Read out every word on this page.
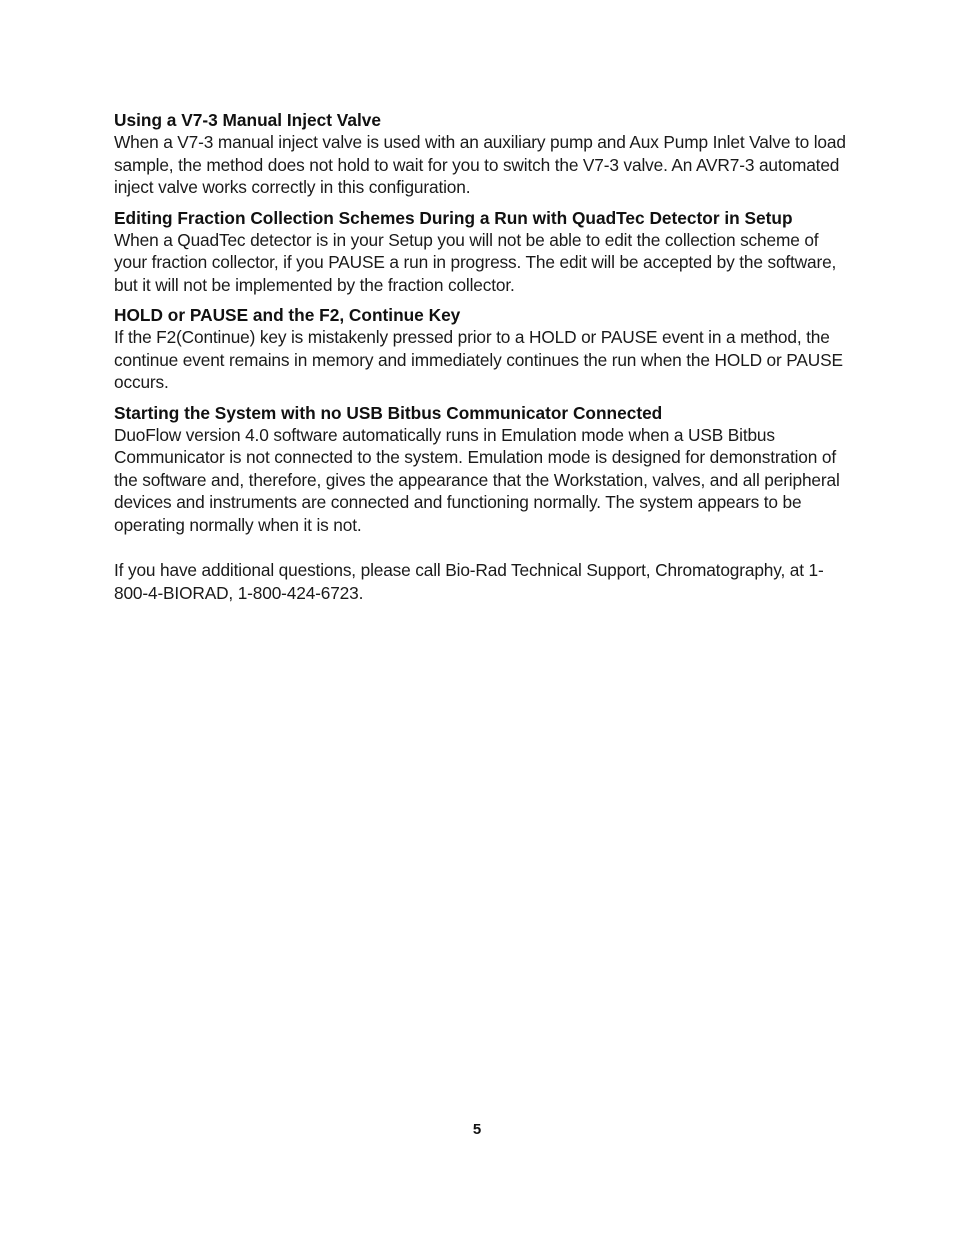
Using a V7-3 Manual Inject Valve

When a V7-3 manual inject valve is used with an auxiliary pump and Aux Pump Inlet Valve to load sample, the method does not hold to wait for you to switch the V7-3 valve. An AVR7-3 automated inject valve works correctly in this configuration.

Editing Fraction Collection Schemes During a Run with QuadTec Detector in Setup

When a QuadTec detector is in your Setup you will not be able to edit the collection scheme of your fraction collector, if you PAUSE a run in progress. The edit will be accepted by the software, but it will not be implemented by the fraction collector.

HOLD or PAUSE and the F2, Continue Key

If the F2(Continue) key is mistakenly pressed prior to a HOLD or PAUSE event in a method, the continue event remains in memory and immediately continues the run when the HOLD or PAUSE occurs.

Starting the System with no USB Bitbus Communicator Connected

DuoFlow version 4.0 software automatically runs in Emulation mode when a USB Bitbus Communicator is not connected to the system. Emulation mode is designed for demonstration of the software and, therefore, gives the appearance that the Workstation, valves, and all peripheral devices and instruments are connected and functioning normally. The system appears to be operating normally when it is not.

If you have additional questions, please call Bio-Rad Technical Support, Chromatography, at 1-800-4-BIORAD, 1-800-424-6723.

5
